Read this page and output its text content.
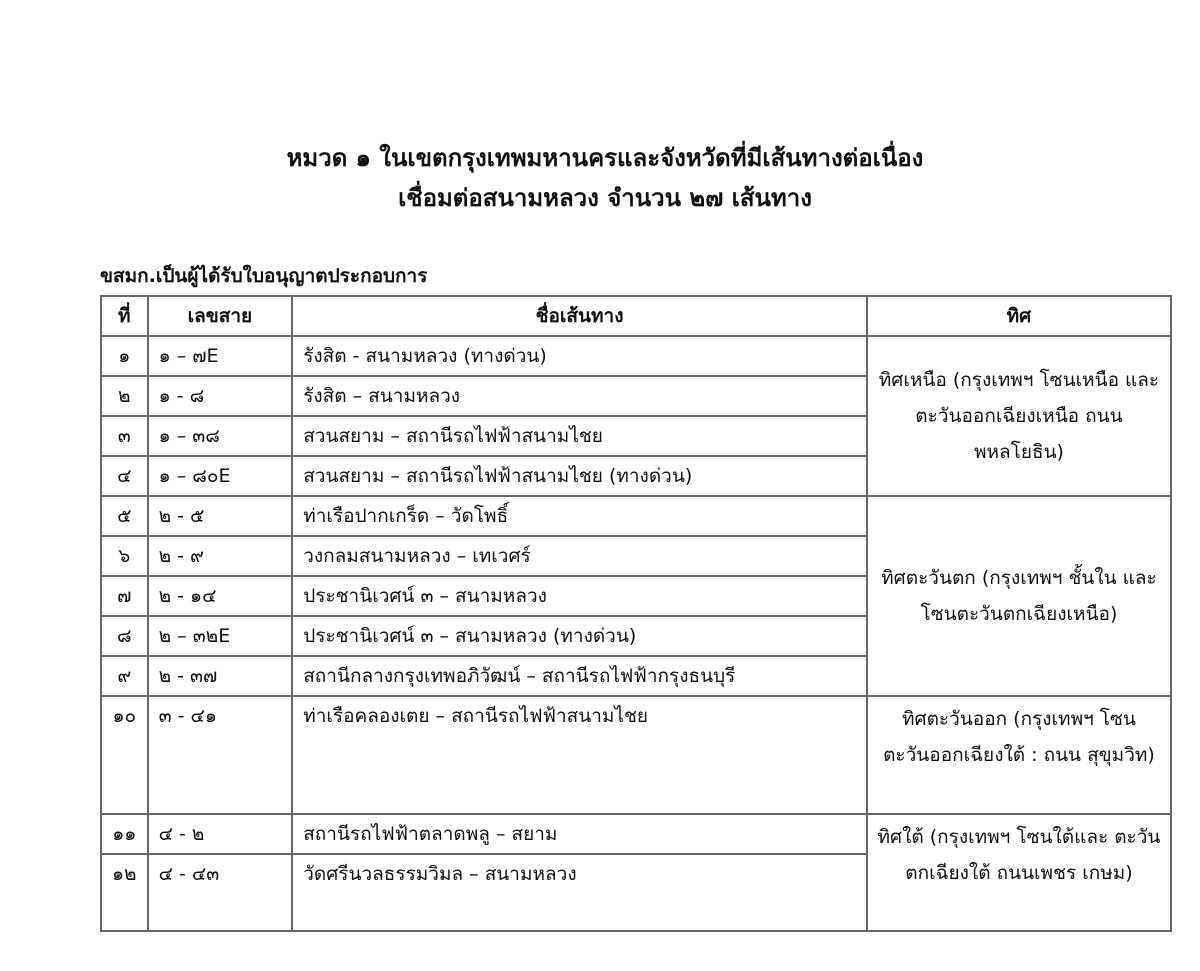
หมวด ๑ ในเขตกรุงเทพมหานครและจังหวัดที่มีเส้นทางต่อเนื่อง
เชื่อมต่อสนามหลวง จำนวน ๒๗ เส้นทาง
ขสมก.เป็นผู้ได้รับใบอนุญาตประกอบการ
ที่	เลขสาย	ชื่อเส้นทาง	ทิศ
๑	๑ – ๗E	รังสิต - สนามหลวง (ทางด่วน)	ทิศเหนือ (กรุงเทพฯ โซนเหนือ และตะวันออกเฉียงเหนือ ถนนพหลโยธิน)
๒	๑ - ๘	รังสิต – สนามหลวง	
๓	๑ – ๓๘	สวนสยาม – สถานีรถไฟฟ้าสนามไชย	
๔	๑ – ๘๐E	สวนสยาม – สถานีรถไฟฟ้าสนามไชย (ทางด่วน)	
๕	๒ - ๕	ท่าเรือปากเกร็ด – วัดโพธิ์	ทิศตะวันตก (กรุงเทพฯ ชั้นใน และโซนตะวันตกเฉียงเหนือ)
๖	๒ - ๙	วงกลมสนามหลวง – เทเวศร์	
๗	๒ - ๑๔	ประชานิเวศน์ ๓ – สนามหลวง	
๘	๒ – ๓๒E	ประชานิเวศน์ ๓ – สนามหลวง (ทางด่วน)	
๙	๒ - ๓๗	สถานีกลางกรุงเทพอภิวัฒน์ – สถานีรถไฟฟ้ากรุงธนบุรี	
๑๐	๓ - ๔๑	ท่าเรือคลองเตย – สถานีรถไฟฟ้าสนามไชย	ทิศตะวันออก (กรุงเทพฯ โซน ตะวันออกเฉียงใต้ : ถนน สุขุมวิท)
๑๑	๔ - ๒	สถานีรถไฟฟ้าตลาดพลู – สยาม	ทิศใต้ (กรุงเทพฯ โซนใต้และ ตะวันตกเฉียงใต้ ถนนเพชร เกษม)
๑๒	๔ - ๔๓	วัดศรีนวลธรรมวิมล – สนามหลวง	
